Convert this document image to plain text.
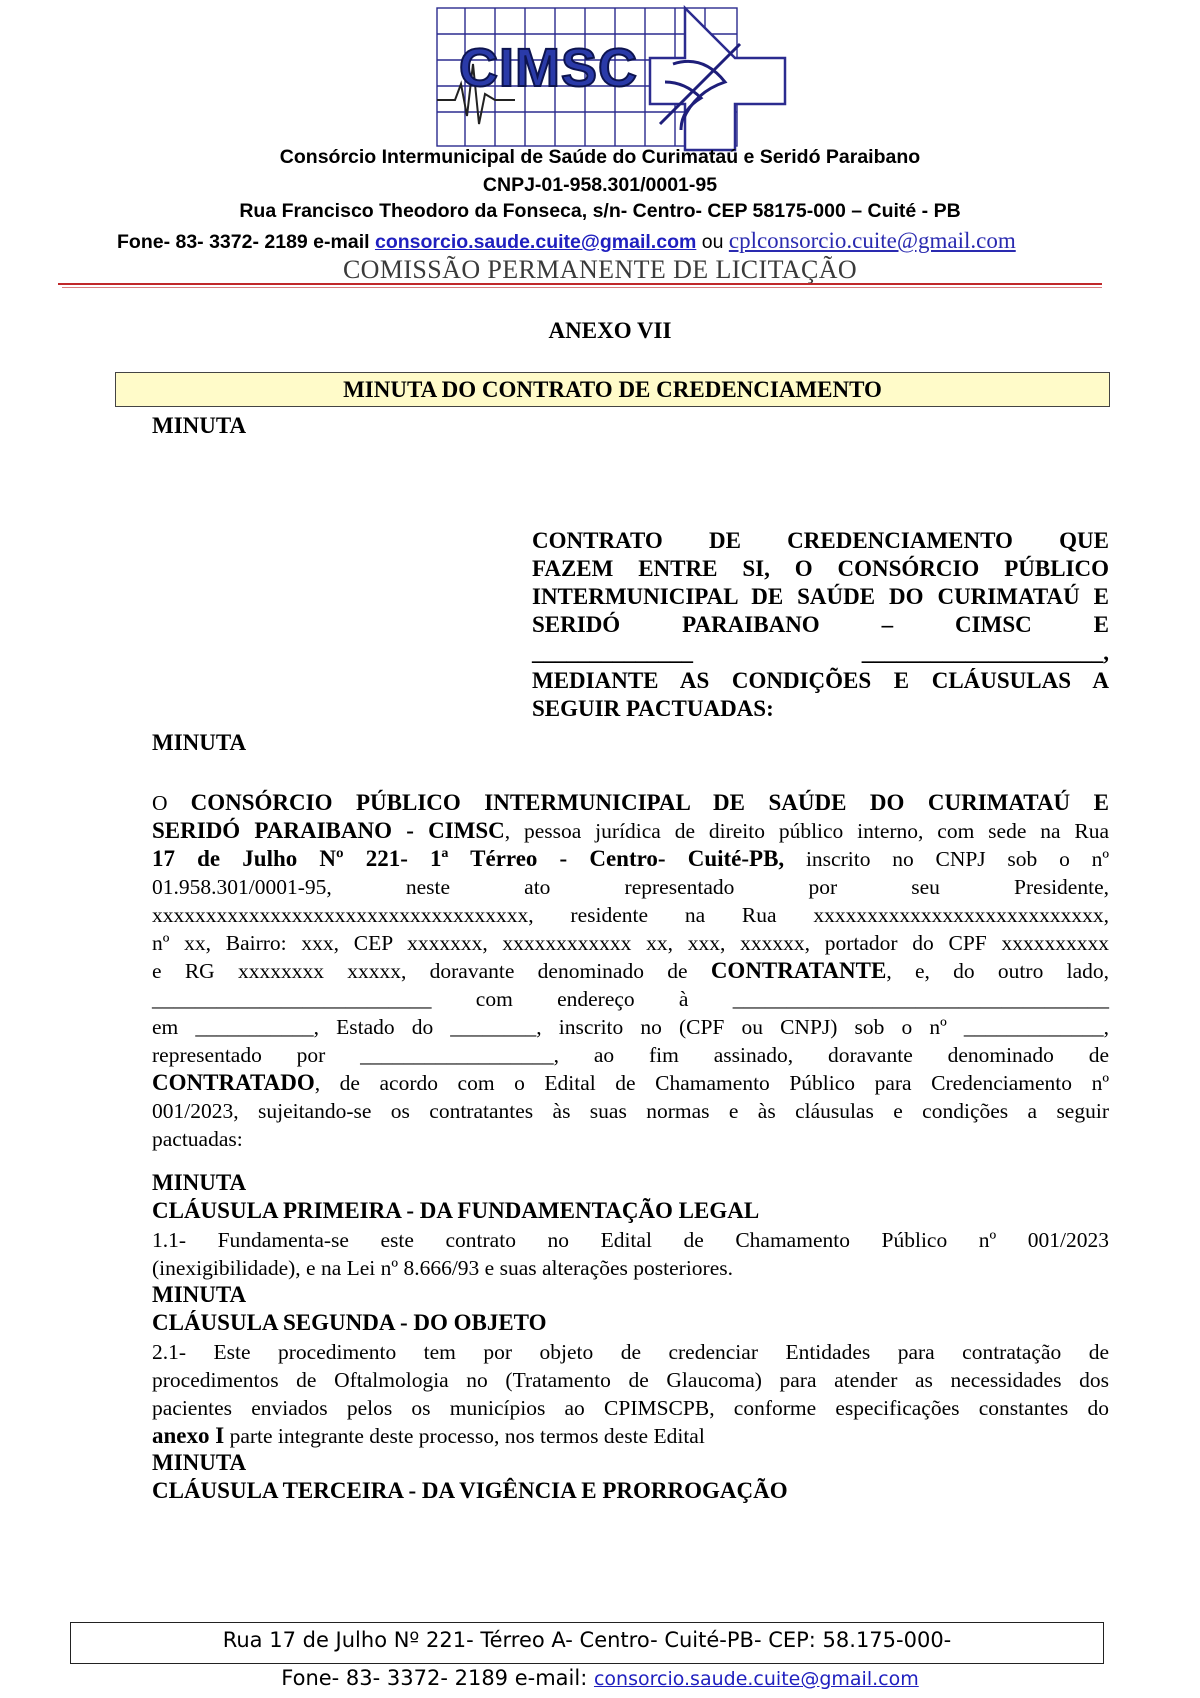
CIMSC
Consórcio Intermunicipal de Saúde do Curimataú e Seridó Paraibano
CNPJ-01-958.301/0001-95
Rua Francisco Theodoro da Fonseca, s/n- Centro- CEP 58175-000 – Cuité - PB
Fone- 83- 3372- 2189 e-mail consorcio.saude.cuite@gmail.com ou cplconsorcio.cuite@gmail.com
COMISSÃO PERMANENTE DE LICITAÇÃO
ANEXO VII
MINUTA DO CONTRATO DE CREDENCIAMENTO
MINUTA
CONTRATO DE CREDENCIAMENTO QUE
FAZEM ENTRE SI, O CONSÓRCIO PÚBLICO
INTERMUNICIPAL DE SAÚDE DO CURIMATAÚ E
SERIDÓ PARAIBANO – CIMSC E
______________ _____________________,
MEDIANTE AS CONDIÇÕES E CLÁUSULAS A
SEGUIR PACTUADAS:
MINUTA
O CONSÓRCIO PÚBLICO INTERMUNICIPAL DE SAÚDE DO CURIMATAÚ E
SERIDÓ PARAIBANO - CIMSC, pessoa jurídica de direito público interno, com sede na Rua
17 de Julho Nº 221- 1ª Térreo - Centro- Cuité-PB, inscrito no CNPJ sob o nº
01.958.301/0001-95, neste ato representado por seu Presidente,
xxxxxxxxxxxxxxxxxxxxxxxxxxxxxxxxxxx, residente na Rua xxxxxxxxxxxxxxxxxxxxxxxxxxx,
nº xx, Bairro: xxx, CEP xxxxxxx, xxxxxxxxxxxx xx, xxx, xxxxxx, portador do CPF xxxxxxxxxx
e RG xxxxxxxx xxxxx, doravante denominado de CONTRATANTE, e, do outro lado,
__________________________ com endereço à ___________________________________
em ___________, Estado do ________, inscrito no (CPF ou CNPJ) sob o nº _____________,
representado por __________________, ao fim assinado, doravante denominado de
CONTRATADO, de acordo com o Edital de Chamamento Público para Credenciamento nº
001/2023, sujeitando-se os contratantes às suas normas e às cláusulas e condições a seguir
pactuadas:
MINUTA
CLÁUSULA PRIMEIRA - DA FUNDAMENTAÇÃO LEGAL
1.1- Fundamenta-se este contrato no Edital de Chamamento Público nº 001/2023
(inexigibilidade), e na Lei nº 8.666/93 e suas alterações posteriores.
MINUTA
CLÁUSULA SEGUNDA - DO OBJETO
2.1- Este procedimento tem por objeto de credenciar Entidades para contratação de
procedimentos de Oftalmologia no (Tratamento de Glaucoma) para atender as necessidades dos
pacientes enviados pelos os municípios ao CPIMSCPB, conforme especificações constantes do
anexo I parte integrante deste processo, nos termos deste Edital
MINUTA
CLÁUSULA TERCEIRA - DA VIGÊNCIA E PRORROGAÇÃO
Rua 17 de Julho Nº 221- Térreo A- Centro- Cuité-PB- CEP: 58.175-000-
Fone- 83- 3372- 2189 e-mail: consorcio.saude.cuite@gmail.com
